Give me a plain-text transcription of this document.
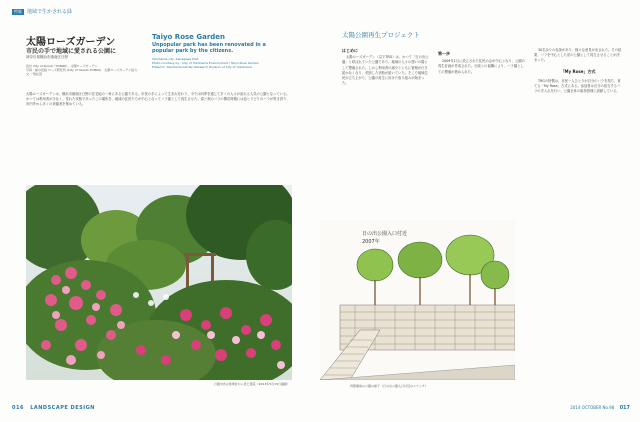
特集	地域で生かされる緑
太陽ローズガーデン
市民の手で地域に愛される公園に
神奈川県横浜市港南区日野
設計 City of Kuzuō（TOMIKI）、太陽ローズガーデン
写真・緑の記録 ローズ研究所 (City of Yaredo TOMIKI)　太陽ローズガーデン協力
文 一般社団
Taiyo Rose Garden
Unpopular park has been renovated in a popular park by the citizens.
Yokohama-city, Kanagawa Pref.
Photo courtesy by : City of Yokohama Environment / Taiyo Rose Garden
Edited in Yokohama Garden Research Division of City of Yokohama
太陽ローズガーデンは、横浜市港南区日野の住宅地の一角にある公園である。市民の手によって生まれ変わり、今では四季を通じて多くの人々が訪れる人気の公園となっている。かつては利用者が少なく、荒れた状態であったこの場所を、地域の住民たちが中心となってバラ園として再生させた。春と秋のバラの開花時期には色とりどりのバラが咲き誇り、市内外から多くの来園者を集めている。
公園中央の見晴台から見た風景（2013年5月15日撮影）
016 LANDSCAPE DESIGN
太陽公園再生プロジェクト
はじめに

太陽ローズガーデン（以下TRG）は、かつて「日の出公園」と呼ばれていた公園であり、地域の人々の憩いの場として整備された。しかし利用者の減少とともに管理が行き届かなくなり、荒廃した状態が続いていた。そこで地域住民が立ち上がり、公園の再生に向けた取り組みが始まった。

第一歩

2009年1月に設立された住民の会が中心となり、公園の再生計画が作成された。行政との協働により、バラ園としての整備が進められた。

30名余りの参加があり、様々な意見が出された。その結果、バラを中心とした花の公園として再生させることが決まった。

「My Rose」方式

TRGの特徴は、市民一人ひとりが自分のバラを持ち、育てる「My Rose」方式にある。参加者は自分の担当するバラの手入れを行い、公園全体の維持管理に貢献している。

日の出公園入口付近
2007年
再整備前の公園の様子（日の出公園入口付近のスケッチ）
2014 OCTOBER No.98 017
